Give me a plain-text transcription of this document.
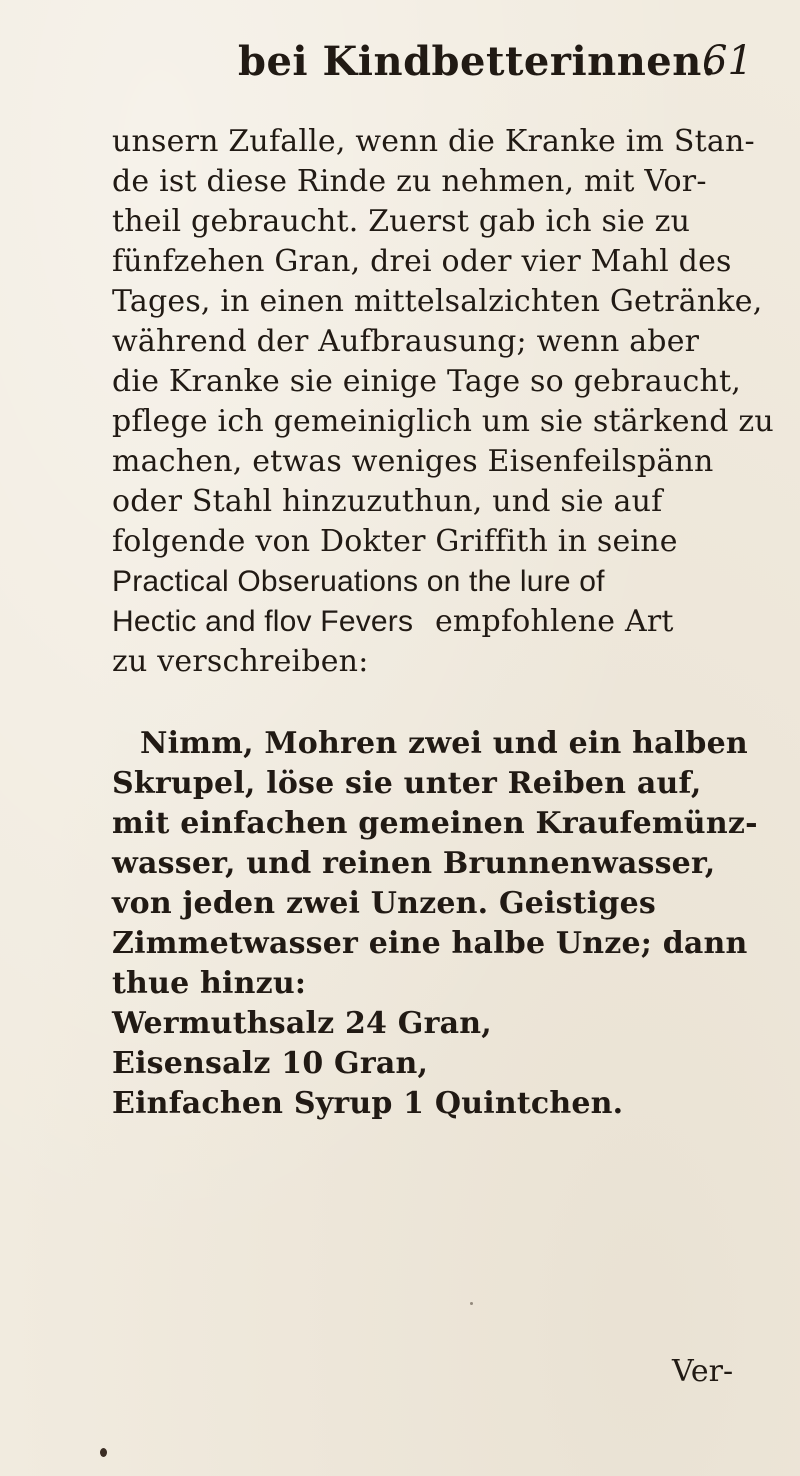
bei Kindbetterinnen.
61
unsern Zufalle, wenn die Kranke im Stan-
de ist diese Rinde zu nehmen, mit Vor-
theil gebraucht. Zuerst gab ich sie zu
fünfzehen Gran, drei oder vier Mahl des
Tages, in einen mittelsalzichten Getränke,
während der Aufbrausung; wenn aber
die Kranke sie einige Tage so gebraucht,
pflege ich gemeiniglich um sie stärkend zu
machen, etwas weniges Eisenfeilspänn
oder Stahl hinzuzuthun, und sie auf
folgende von Dokter Griffith in seine
Practical Obseruations on the lure of
Hectic and flov Fevers empfohlene Art
zu verschreiben:
Nimm, Mohren zwei und ein halben
Skrupel, löse sie unter Reiben auf,
mit einfachen gemeinen Kraufemünz-
wasser, und reinen Brunnenwasser,
von jeden zwei Unzen. Geistiges
Zimmetwasser eine halbe Unze; dann
thue hinzu:
Wermuthsalz 24 Gran,
Eisensalz 10 Gran,
Einfachen Syrup 1 Quintchen.
Ver-
